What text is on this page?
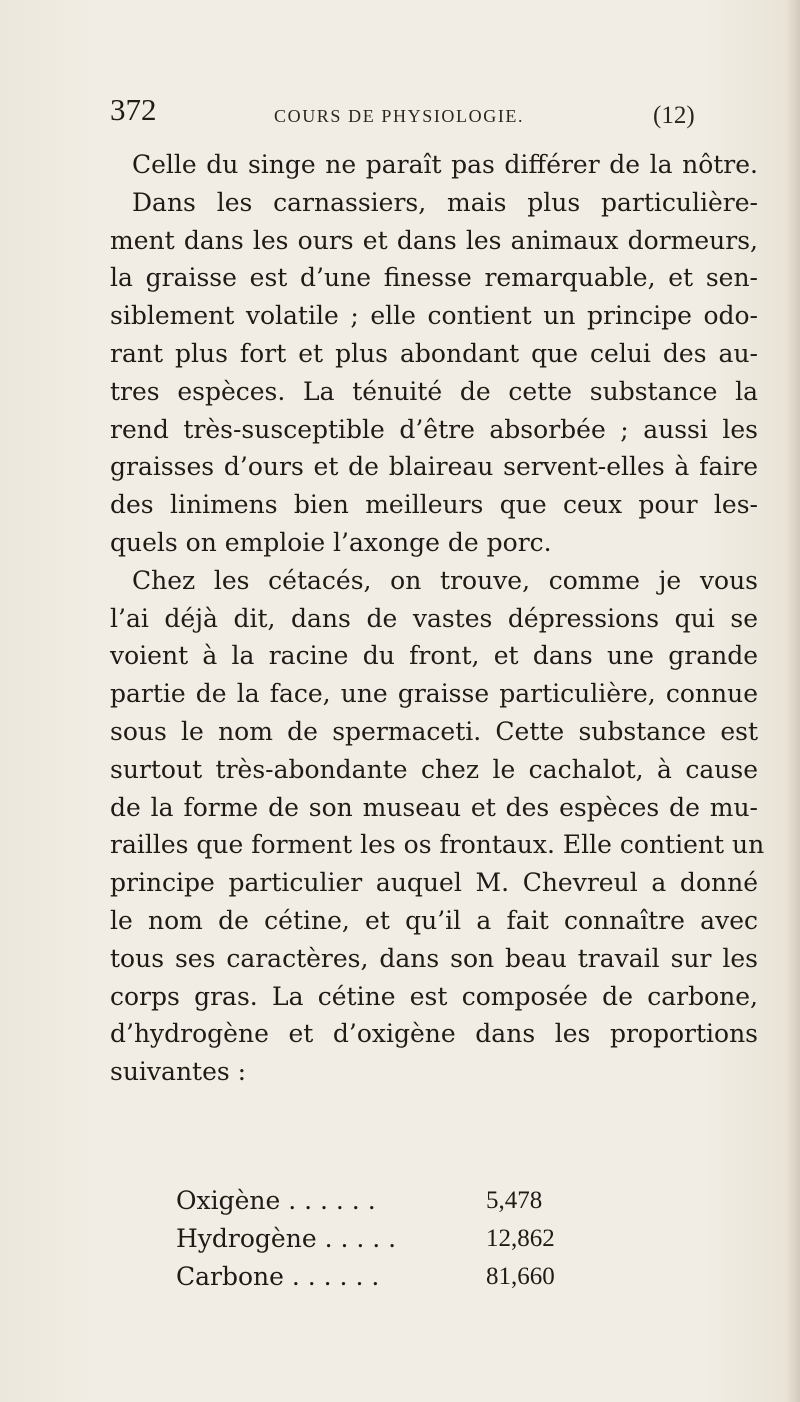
372	COURS DE PHYSIOLOGIE.	(12)
Celle du singe ne paraît pas différer de la nôtre.
Dans les carnassiers, mais plus particulière-
ment dans les ours et dans les animaux dormeurs,
la graisse est d’une finesse remarquable, et sen-
siblement volatile ; elle contient un principe odo-
rant plus fort et plus abondant que celui des au-
tres espèces. La ténuité de cette substance la
rend très-susceptible d’être absorbée ; aussi les
graisses d’ours et de blaireau servent-elles à faire
des linimens bien meilleurs que ceux pour les-
quels on emploie l’axonge de porc.
Chez les cétacés, on trouve, comme je vous
l’ai déjà dit, dans de vastes dépressions qui se
voient à la racine du front, et dans une grande
partie de la face, une graisse particulière, connue
sous le nom de spermaceti. Cette substance est
surtout très-abondante chez le cachalot, à cause
de la forme de son museau et des espèces de mu-
railles que forment les os frontaux. Elle contient un
principe particulier auquel M. Chevreul a donné
le nom de cétine, et qu’il a fait connaître avec
tous ses caractères, dans son beau travail sur les
corps gras. La cétine est composée de carbone,
d’hydrogène et d’oxigène dans les proportions
suivantes :
Oxigène . . . . . .	5,478
Hydrogène . . . . .	12,862
Carbone . . . . . .	81,660
